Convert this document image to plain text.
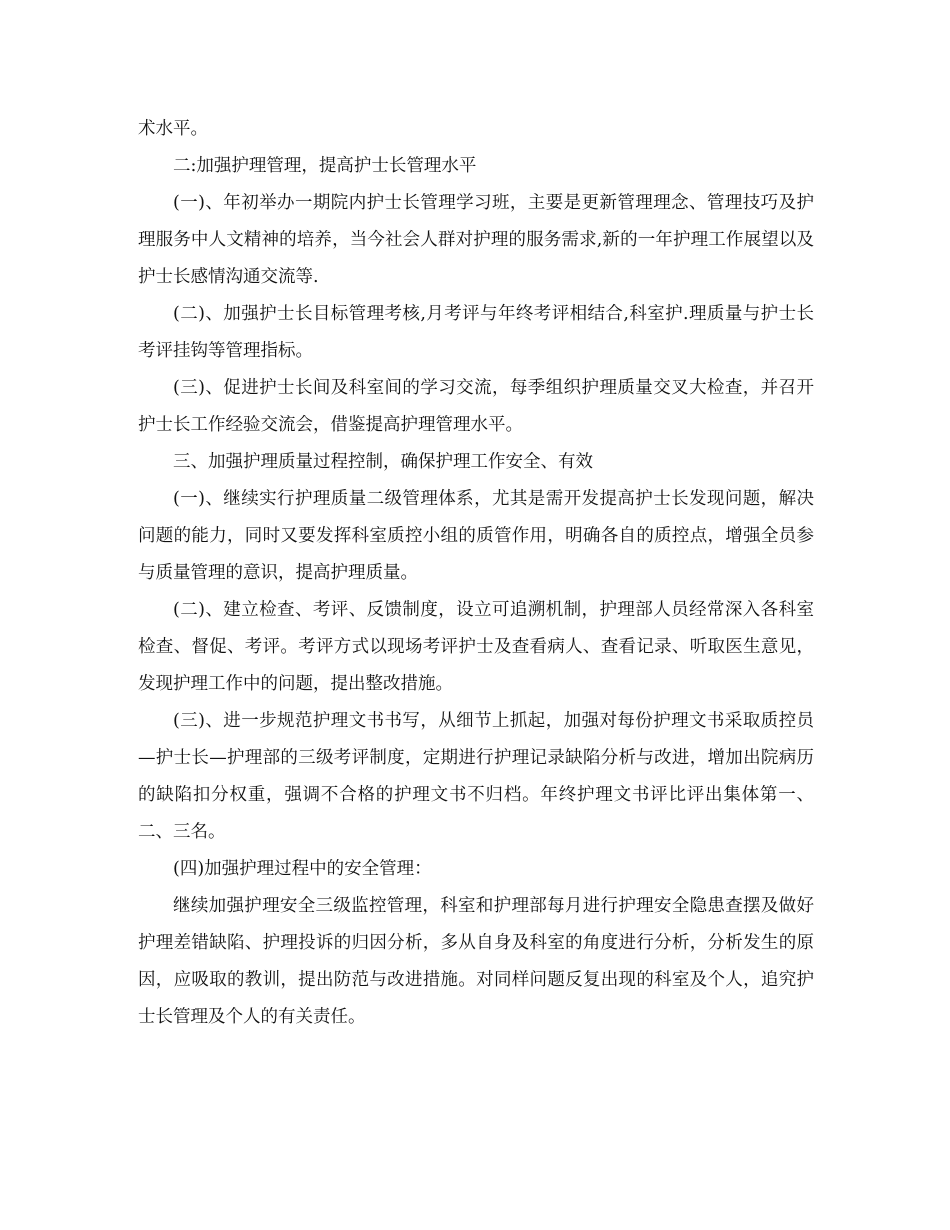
术水平。

二:加强护理管理，提高护士长管理水平

(一)、年初举办一期院内护士长管理学习班，主要是更新管理理念、管理技巧及护理服务中人文精神的培养，当今社会人群对护理的服务需求,新的一年护理工作展望以及护士长感情沟通交流等.

(二)、加强护士长目标管理考核,月考评与年终考评相结合,科室护.理质量与护士长考评挂钩等管理指标。

(三)、促进护士长间及科室间的学习交流，每季组织护理质量交叉大检查，并召开护士长工作经验交流会，借鉴提高护理管理水平。

三、加强护理质量过程控制，确保护理工作安全、有效

(一)、继续实行护理质量二级管理体系，尤其是需开发提高护士长发现问题，解决问题的能力，同时又要发挥科室质控小组的质管作用，明确各自的质控点，增强全员参与质量管理的意识，提高护理质量。

(二)、建立检查、考评、反馈制度，设立可追溯机制，护理部人员经常深入各科室检查、督促、考评。考评方式以现场考评护士及查看病人、查看记录、听取医生意见，发现护理工作中的问题，提出整改措施。

(三)、进一步规范护理文书书写，从细节上抓起，加强对每份护理文书采取质控员—护士长—护理部的三级考评制度，定期进行护理记录缺陷分析与改进，增加出院病历的缺陷扣分权重，强调不合格的护理文书不归档。年终护理文书评比评出集体第一、二、三名。

(四)加强护理过程中的安全管理：

继续加强护理安全三级监控管理，科室和护理部每月进行护理安全隐患查摆及做好护理差错缺陷、护理投诉的归因分析，多从自身及科室的角度进行分析，分析发生的原因，应吸取的教训，提出防范与改进措施。对同样问题反复出现的科室及个人，追究护士长管理及个人的有关责任。
